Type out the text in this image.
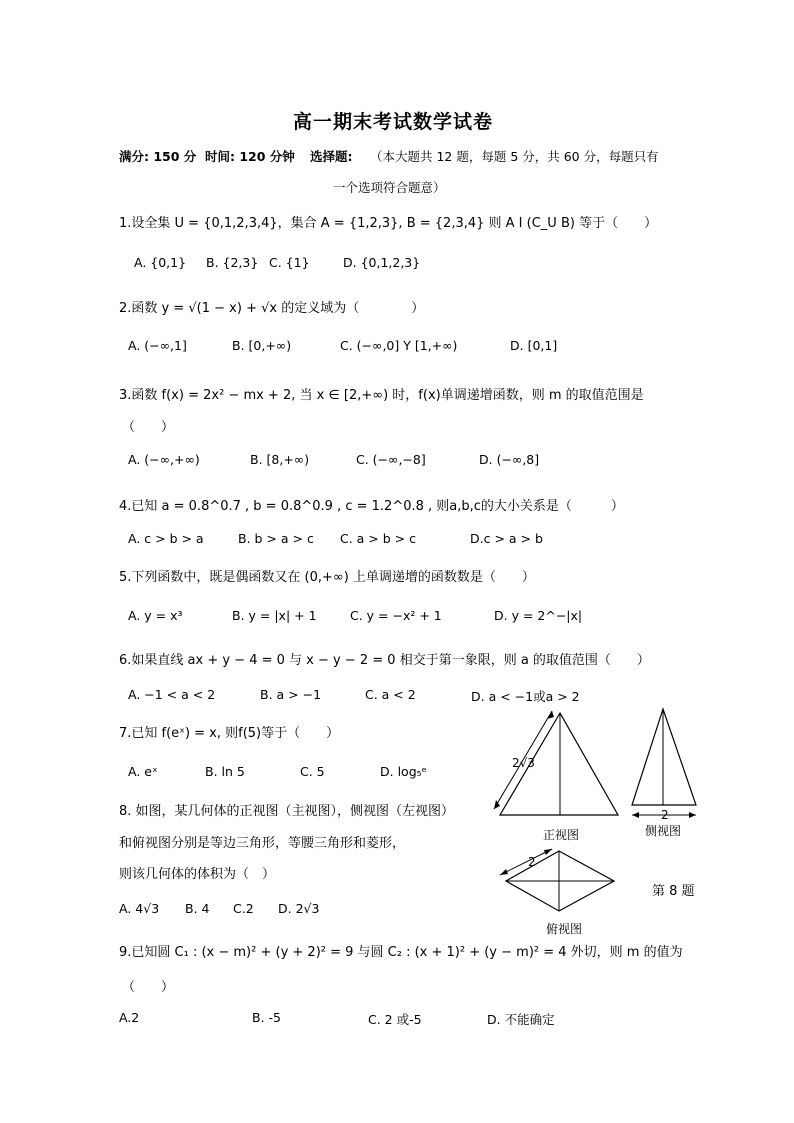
高一期末考试数学试卷
满分: 150 分 时间: 120 分钟 选择题: （本大题共 12 题，每题 5 分，共 60 分，每题只有
一个选项符合题意）
1.设全集 U = {0,1,2,3,4}，集合 A = {1,2,3}, B = {2,3,4} 则 A I (C_U B) 等于（　　）
A. {0,1} B. {2,3} C. {1}	D. {0,1,2,3}
2.函数 y = √(1 − x) + √x 的定义域为（　　　　）
A. (−∞,1]	B. [0,+∞)	C. (−∞,0] Y [1,+∞)	D. [0,1]
3.函数 f(x) = 2x² − mx + 2, 当 x ∈ [2,+∞) 时，f(x)单调递增函数，则 m 的取值范围是
（　　）
A. (−∞,+∞)	B. [8,+∞)	C. (−∞,−8]	D. (−∞,8]
4.已知 a = 0.8^0.7 , b = 0.8^0.9 , c = 1.2^0.8 , 则a,b,c的大小关系是（　　　）
A. c > b > a	B. b > a > c C. a > b > c	D.c > a > b
5.下列函数中，既是偶函数又在 (0,+∞) 上单调递增的函数数是（　　）
A. y = x³	B. y = |x| + 1	C. y = −x² + 1	D. y = 2^−|x|
6.如果直线 ax + y − 4 = 0 与 x − y − 2 = 0 相交于第一象限，则 a 的取值范围（　　）
A. −1 < a < 2	B. a > −1	C. a < 2	D. a < −1或a > 2
7.已知 f(eˣ) = x, 则f(5)等于（　　）
A. eˣ	B. ln 5	C. 5	D. log₅ᵉ
8. 如图，某几何体的正视图（主视图），侧视图（左视图）
和俯视图分别是等边三角形，等腰三角形和菱形，
则该几何体的体积为（　）
A. 4√3 B. 4 C.2 D. 2√3
9.已知圆 C₁ : (x − m)² + (y + 2)² = 9 与圆 C₂ : (x + 1)² + (y − m)² = 4 外切，则 m 的值为
（　　）
A.2	B. -5	C. 2 或-5	D. 不能确定
2√3
正视图
2
侧视图
2
俯视图
第 8 题
